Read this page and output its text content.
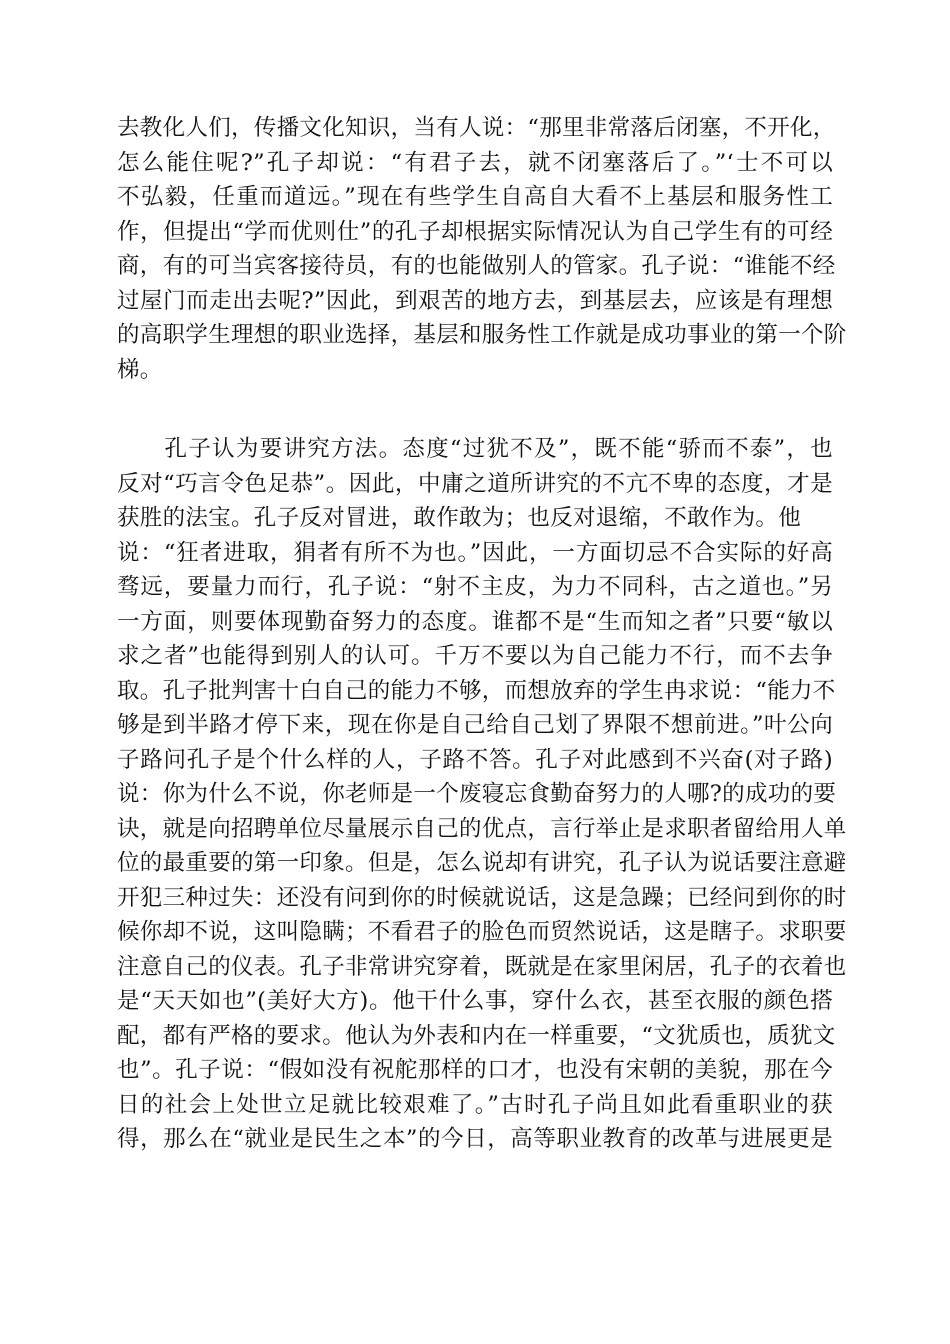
去教化人们，传播文化知识，当有人说：“那里非常落后闭塞，不开化，
怎么能住呢?”孔子却说：“有君子去，就不闭塞落后了。”‘士不可以
不弘毅，任重而道远。”现在有些学生自高自大看不上基层和服务性工
作，但提出“学而优则仕”的孔子却根据实际情况认为自己学生有的可经
商，有的可当宾客接待员，有的也能做别人的管家。孔子说：“谁能不经
过屋门而走出去呢?”因此，到艰苦的地方去，到基层去，应该是有理想
的高职学生理想的职业选择，基层和服务性工作就是成功事业的第一个阶
梯。
　　孔子认为要讲究方法。态度“过犹不及”，既不能“骄而不泰”，也
反对“巧言令色足恭”。因此，中庸之道所讲究的不亢不卑的态度，才是
获胜的法宝。孔子反对冒进，敢作敢为；也反对退缩，不敢作为。他
说：“狂者进取，狷者有所不为也。”因此，一方面切忌不合实际的好高
骛远，要量力而行，孔子说：“射不主皮，为力不同科，古之道也。”另
一方面，则要体现勤奋努力的态度。谁都不是“生而知之者”只要“敏以
求之者”也能得到别人的认可。千万不要以为自己能力不行，而不去争
取。孔子批判害十白自己的能力不够，而想放弃的学生冉求说：“能力不
够是到半路才停下来，现在你是自己给自己划了界限不想前进。”叶公向
子路问孔子是个什么样的人，子路不答。孔子对此感到不兴奋(对子路)
说：你为什么不说，你老师是一个废寝忘食勤奋努力的人哪?的成功的要
诀，就是向招聘单位尽量展示自己的优点，言行举止是求职者留给用人单
位的最重要的第一印象。但是，怎么说却有讲究，孔子认为说话要注意避
开犯三种过失：还没有问到你的时候就说话，这是急躁；已经问到你的时
候你却不说，这叫隐瞒；不看君子的脸色而贸然说话，这是瞎子。求职要
注意自己的仪表。孔子非常讲究穿着，既就是在家里闲居，孔子的衣着也
是“天天如也”(美好大方)。他干什么事，穿什么衣，甚至衣服的颜色搭
配，都有严格的要求。他认为外表和内在一样重要，“文犹质也，质犹文
也”。孔子说：“假如没有祝舵那样的口才，也没有宋朝的美貌，那在今
日的社会上处世立足就比较艰难了。”古时孔子尚且如此看重职业的获
得，那么在“就业是民生之本”的今日，高等职业教育的改革与进展更是
